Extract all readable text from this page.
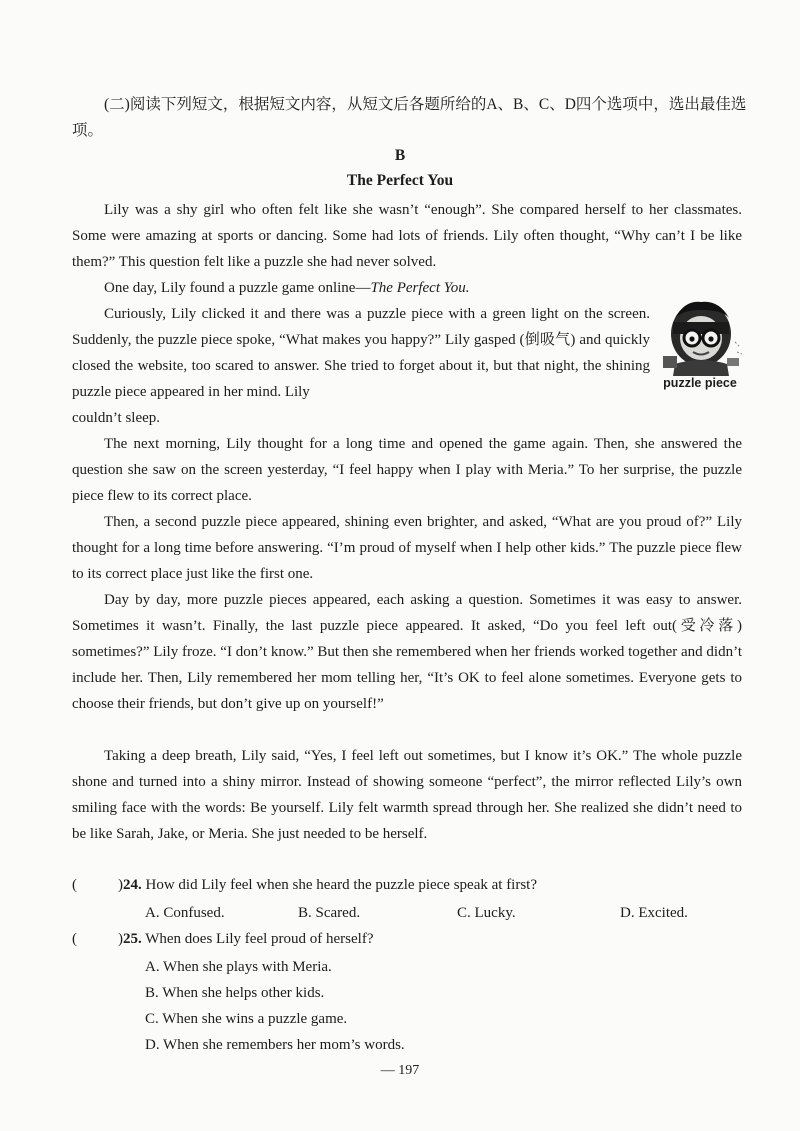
(二)阅读下列短文，根据短文内容，从短文后各题所给的A、B、C、D四个选项中，选出最佳选项。

B

The Perfect You

Lily was a shy girl who often felt like she wasn’t “enough”. She compared herself to her classmates. Some were amazing at sports or dancing. Some had lots of friends. Lily often thought, “Why can’t I be like them?” This question felt like a puzzle she had never solved.

One day, Lily found a puzzle game online—The Perfect You.

Curiously, Lily clicked it and there was a puzzle piece with a green light on the screen. Suddenly, the puzzle piece spoke, “What makes you happy?” Lily gasped (倒吸气) and quickly closed the website, too scared to answer. She tried to forget about it, but that night, the shining puzzle piece appeared in her mind. Lily

couldn’t sleep.

puzzle piece

The next morning, Lily thought for a long time and opened the game again. Then, she answered the question she saw on the screen yesterday, “I feel happy when I play with Meria.” To her surprise, the puzzle piece flew to its correct place.

Then, a second puzzle piece appeared, shining even brighter, and asked, “What are you proud of?” Lily thought for a long time before answering. “I’m proud of myself when I help other kids.” The puzzle piece flew to its correct place just like the first one.

Day by day, more puzzle pieces appeared, each asking a question. Sometimes it was easy to answer. Sometimes it wasn’t. Finally, the last puzzle piece appeared. It asked, “Do you feel left out(受冷落) sometimes?” Lily froze. “I don’t know.” But then she remembered when her friends worked together and didn’t include her. Then, Lily remembered her mom telling her, “It’s OK to feel alone sometimes. Everyone gets to choose their friends, but don’t give up on yourself!”

Taking a deep breath, Lily said, “Yes, I feel left out sometimes, but I know it’s OK.” The whole puzzle shone and turned into a shiny mirror. Instead of showing someone “perfect”, the mirror reflected Lily’s own smiling face with the words: Be yourself. Lily felt warmth spread through her. She realized she didn’t need to be like Sarah, Jake, or Meria. She just needed to be herself.

(	)24. How did Lily feel when she heard the puzzle piece speak at first?

A. Confused.	B. Scared.	C. Lucky.	D. Excited.

(	)25. When does Lily feel proud of herself?

A. When she plays with Meria.

B. When she helps other kids.

C. When she wins a puzzle game.

D. When she remembers her mom’s words.

— 197
